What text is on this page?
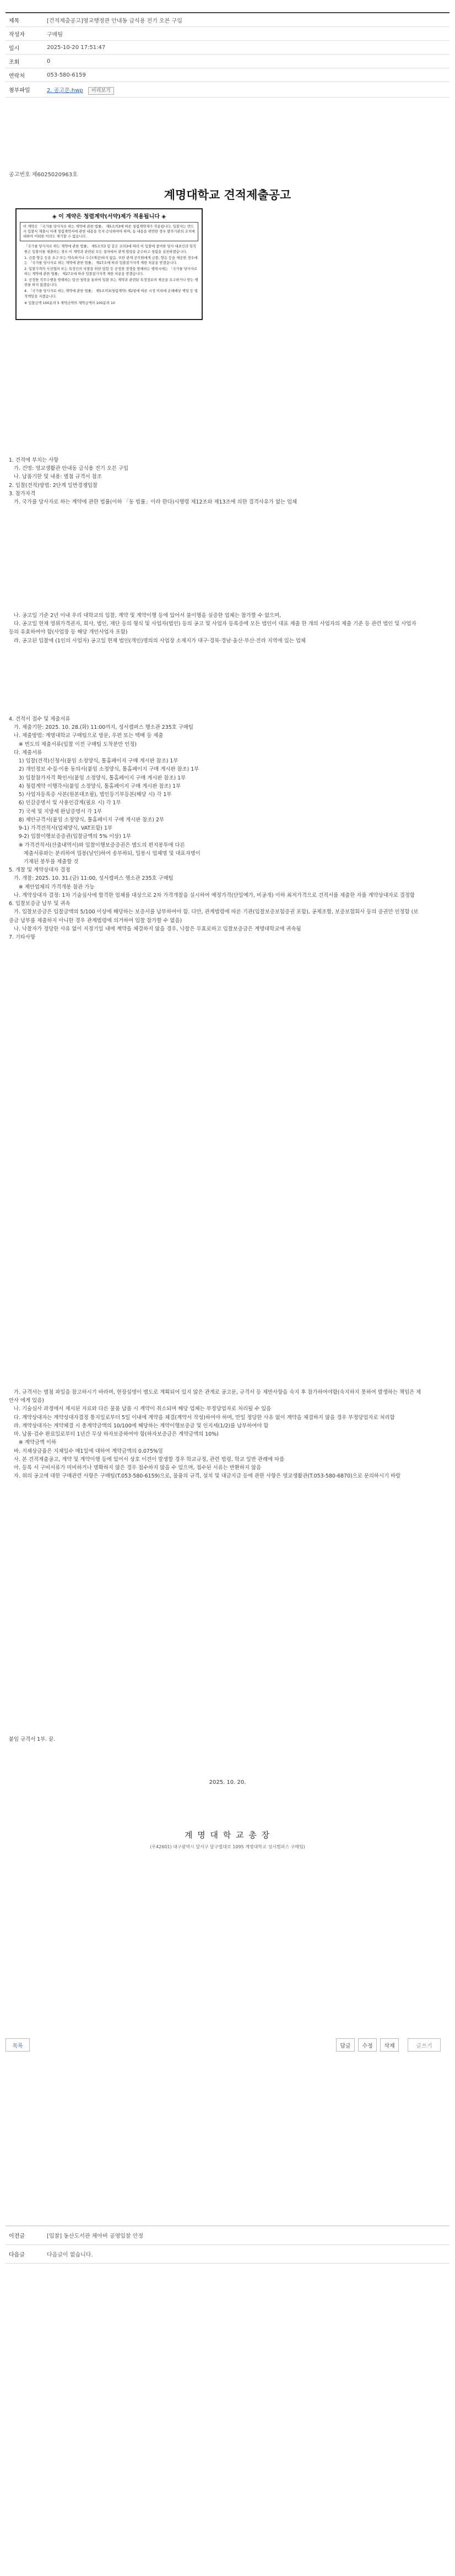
제목	[건적제출공고]영교행정관 안내동 급식용 전기 오븐 구입
작성자	구매팀
일시	2025-10-20 17:51:47
조회	0
연락처	053-580-6159
첨부파일	2. 공고문.hwp 미리보기
공고번호 제6025020963호
계명대학교 견적제출공고
◈ 이 계약은 청렴계약(서약)제가 적용됩니다 ◈
이 계약은 「국가를 당사자로 하는 계약에 관한 법률」 제5조의3에 따른 청렴계약제가 적용됩니다. 입찰자는 반드시 입찰서 제출시 아래 청렴계약서에 관한 내용을 숙지·승낙하여야 하며, 동 내용을 위반한 경우 발주기관의 조치에 대하여 어떠한 이의도 제기할 수 없습니다.
「국가를 당사자로 하는 계약에 관한 법률」 제5조의3 및 같은 조의3에 따라 이 입찰에 참여한 당사 대표인과 임직원은 입찰서를 제출하는 경우 이 계약과 관련된 모든 절차에서 관계 법령을 준수하고 청렴을 실천하겠습니다.
1. 금품·향응 등을 요구 또는 약속하거나 수수(제공)하지 않음. 또한 관계 공무원에게 금품, 향응 등을 제공한 경우에는 「국가를 당사자로 하는 계약에 관한 법률」 제27조에 따라 입찰참가자격 제한 처분을 받겠습니다.
2. 입찰가격의 사전협의 또는 특정인의 낙찰을 위한 담합 등 공정한 경쟁을 방해하는 행위시에는 「국가를 당사자로 하는 계약에 관한 법률」 제27조에 따라 입찰참가자격 제한 처분을 받겠습니다.
3. 공정한 직무수행을 방해하는 알선·청탁을 통하여 입찰 또는 계약과 관련된 특정정보의 제공을 요구하거나 받는 행위를 하지 않겠습니다.
4. 「국가를 당사자로 하는 계약에 관한 법률」 제5조의3(청렴계약) 제2항에 따른 시정 이외에 손해배상 책임 등 법적책임을 지겠습니다.
※ 입찰금액 100분의 5 계약금액의 계약금액의 100분의 10

1. 견적에 부치는 사항
가. 건명: 영교생활관 안내동 급식용 전기 오븐 구입
나. 납품기한 및 내용: 별첨 규격서 참조
2. 입찰(견적)방법: 2단계 일반경쟁입찰
3. 참가자격
가. 국가를 당사자로 하는 계약에 관한 법률(이하 「동 법률」이라 한다)시행령 제12조와 제13조에 의한 결격사유가 없는 업체

나. 공고일 기준 2년 이내 우리 대학교의 입찰, 계약 및 계약이행 등에 있어서 불이행을 실증한 업체는 참가할 수 없으며,
다. 공고일 현재 영위가격권자, 회사, 법인, 재단 등의 형식 및 사업자(법인) 등의 공고 및 사업자 등록증에 모든 법인이 대표 제출 한 개의 사업자의 제출 기준 등 관련 법인 및 사업자 등의 유효하여야 함(사업장 등 해당 개인사업자 포함)
라. 공고된 입찰에 (1인의 사업자) 공고일 현재 법인(개인)명의의 사업장 소재지가 대구·경북·경남·울산·부산·전라 지역에 있는 업체

4. 견적서 접수 및 제출서류
가. 제출기한: 2025. 10. 28.(화) 11:00까지, 성서캠퍼스 행소관 235호 구매팀
나. 제출방법: 계명대학교 구매팀으로 방문, 우편 또는 택배 등 제출
※ 번도의 제출서류(입찰 이전 구매팀 도착분만 인정)
다. 제출서류
1) 입찰(견적)신청서(붙임 소정양식, 톨홈페이지 구매 게시판 참조) 1부
2) 개인정보 수집·이용 동의서(붙임 소정양식, 톨홈페이지 구매 게시판 참조) 1부
3) 입찰참가자격 확인서(붙임 소정양식, 톨홈페이지 구매 게시판 참조) 1부
4) 청렴계약 이행각서(붙임 소정양식, 톨홈페이지 구매 게시판 참조) 1부
5) 사업자등록증 사본(원본대조필), 법인등기부등본(해당 시) 각 1부
6) 인감증명서 및 사용인감계(필요 시) 각 1부
7) 국세 및 지방세 완납증명서 각 1부
8) 제안규격서(붙임 소정양식, 톨홈페이지 구매 게시판 참조) 2부
9-1) 가격견적서(업체양식, VAT포함) 1부
9-2) 입찰이행보증증권(입찰금액의 5% 이상) 1부
※ 가격견적서(산출내역서)와 입찰이행보증증권은 별도의 편지봉투에 다른
제출서류와는 분리하여 밀봉(날인)하여 송부하되, 밀봉시 업체명 및 대표자명이
기재된 봉투를 제출할 것
5. 개찰 및 계약상대자 결정
가. 개찰: 2025. 10. 31.(금) 11:00, 성서캠퍼스 행소관 235호 구매팀
※ 제안업체의 가격개봉 참관 가능
나. 계약상대자 결정: 1차 기술심사에 합격한 업체를 대상으로 2차 가격개찰을 실시하여 예정가격(단일예가, 비공개) 이하 최저가격으로 견적서를 제출한 자를 계약상대자로 결정함
6. 입찰보증금 납부 및 귀속
가. 입찰보증금은 입찰금액의 5/100 이상에 해당하는 보증서를 납부하여야 함. 다만, 관계법령에 따른 기관(입찰보증보험증권 포함), 공제조합, 보증보험회사 등의 증권만 인정함 (보증금 납부를 제출하지 아니한 경우 관계법령에 의거하여 입찰 참가할 수 없음)
나. 낙찰자가 정당한 사유 없이 지정기일 내에 계약을 체결하지 않을 경우, 낙찰은 무효로하고 입찰보증금은 계명대학교에 귀속됨
7. 기타사항

가. 규격서는 별첨 파일을 참고하시기 바라며, 현장설명이 별도로 계획되어 있지 않은 관계로 공고문, 규격서 등 제반사항을 숙지 후 참가하여야함(숙지하지 못하여 발생하는 책임은 제안사 에게 있음)
나. 기술심사 과정에서 제시된 자료와 다른 물품 납품 시 계약이 취소되며 해당 업체는 부정당업자로 처리될 수 있음
다. 계약상대자는 계약성대자결정 통지일로부터 5일 이내에 계약을 체결(계약서 작성)하여야 하며, 만일 정당한 사유 없이 계약을 체결하지 않을 경우 부정당업자로 처리함
라. 계약상대자는 계약체결 시 총계약금액의 10/100에 해당하는 계약이행보증금 및 인지세(1/2)를 납부하여야 함
마. 납품·검수 완료일로부터 1년간 무상 하자보증하여야 함(하자보증금은 계약금액의 10%)
※ 계약금액 이하
바. 지체상금율은 지체일수 매1일에 대하여 계약금액의 0.075%임
사. 본 견적제출공고, 계약 및 계약이행 등에 있어서 상호 이견이 발생할 경우 학교규정, 관련 법령, 학교 일반 관례에 따름
아. 등록 서 구비서류가 미비하거나 명확하지 않은 경우 접수하지 않을 수 있으며, 접수된 서류는 반환하지 않음
자. 위의 공고에 대한 구매관련 사항은 구매팀(T.053-580-6159)으로, 물품의 규격, 설치 및 대금지급 등에 관한 사항은 영교생활관(T.053-580-6870)으로 문의하시기 바람

붙임 규격서 1부. 끝.

2025. 10. 20.
계 명 대 학 교 총 장
(우42601) 대구광역시 달서구 달구벌대로 1095 계명대학교 성서캠퍼스 구매팀)
목록	답글	수정	삭제	글쓰기
이전글	[입찰] 동산도서관 체아버 공영입찰 안정
다음글	다음글이 없습니다.
